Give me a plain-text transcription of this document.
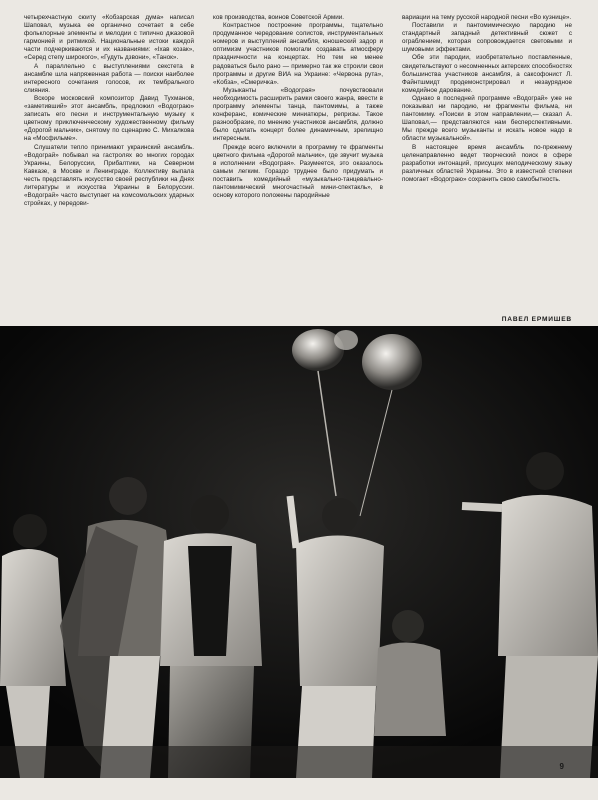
четырехчастную сюиту «Кобзарская дума» написал Шаповал, музыка ее органично сочетает в себе фольклорные элементы и мелодии с типично джазовой гармонией и ритмикой. Национальные истоки каждой части подчеркиваются и их названиями: «Іхав козак», «Серед степу широкого», «Гудуть дзвони», «Танок».

А параллельно с выступлениями секстета в ансамбле шла напряженная работа — поиски наиболее интересного сочетания голосов, их тембрального слияния.

Вскоре московский композитор Давид Тухманов, «заметивший» этот ансамбль, предложил «Водограю» записать его песни и инструментальную музыку к цветному приключенческому художественному фильму «Дорогой мальчик», снятому по сценарию С. Михалкова на «Мосфильме».

Слушатели тепло принимают украинский ансамбль. «Водограй» побывал на гастролях во многих городах Украины, Белоруссии, Прибалтики, на Северном Кавказе, в Москве и Ленинграде. Коллективу выпала честь представлять искусство своей республики на Днях литературы и искусства Украины в Белоруссии. «Водограй» часто выступает на комсомольских ударных стройках, у передови-

ков производства, воинов Советской Армии.

Контрастное построение программы, тщательно продуманное чередование солистов, инструментальных номеров и выступлений ансамбля, юношеский задор и оптимизм участников помогали создавать атмосферу праздничности на концертах. Но тем не менее радоваться было рано — примерно так же строили свои программы и другие ВИА на Украине: «Червона рута», «Кобза», «Смеричка».

Музыканты «Водограя» почувствовали необходимость расширить рамки своего жанра, ввести в программу элементы танца, пантомимы, а также конферанс, комические миниатюры, репризы. Такое разнообразие, по мнению участников ансамбля, должно было сделать концерт более динамичным, зрелищно интересным.

Прежде всего включили в программу те фрагменты цветного фильма «Дорогой мальчик», где звучит музыка в исполнении «Водограя». Разумеется, это оказалось самым легким. Гораздо труднее было придумать и поставить комедийный «музыкально-танцевально-пантомимический многочастный мини-спектакль», в основу которого положены пародийные

вариации на тему русской народной песни «Во кузнице».

Поставили и пантомимическую пародию не стандартный западный детективный сюжет с ограблением, которая сопровождается световыми и шумовыми эффектами.

Обе эти пародии, изобретательно поставленные, свидетельствуют о несомненных актерских способностях большинства участников ансамбля, а саксофонист Л. Файнтшмидт продемонстрировал и незаурядное комедийное дарование.

Однако в последней программе «Водограй» уже не показывал ни пародию, ни фрагменты фильма, ни пантомиму. «Поиски в этом направлении,— сказал А. Шаповал,— представляются нам бесперспективными. Мы прежде всего музыканты и искать новое надо в области музыкальной».

В настоящее время ансамбль по-прежнему целенаправленно ведет творческий поиск в сфере разработки интонаций, присущих мелодическому языку различных областей Украины. Это в известной степени помогает «Водограю» сохранить свою самобытность.

ПАВЕЛ ЕРМИШЕВ
9
